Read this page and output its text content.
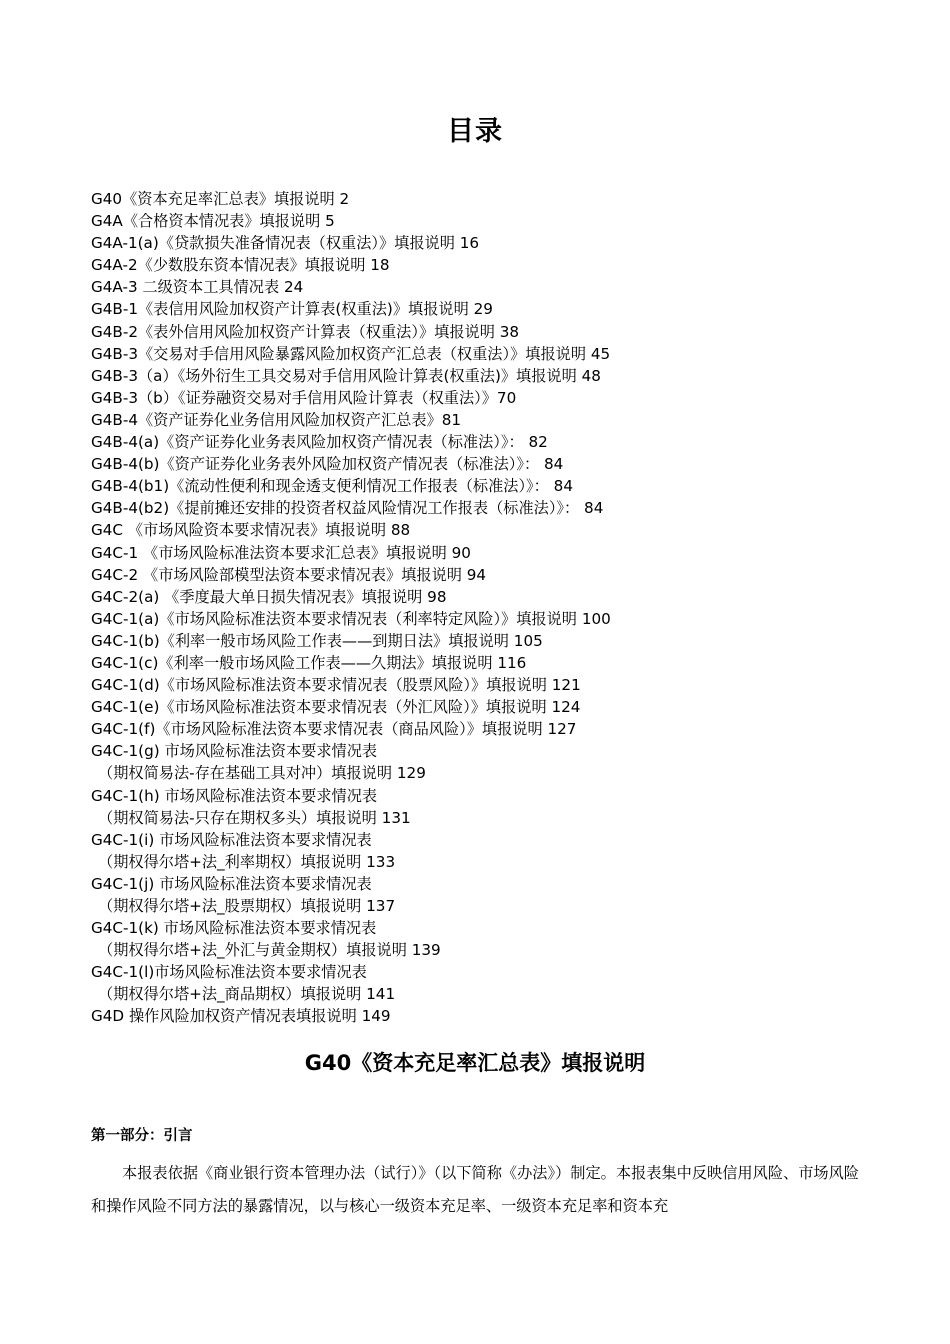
目录
G40《资本充足率汇总表》填报说明 2
G4A《合格资本情况表》填报说明 5
G4A-1(a)《贷款损失准备情况表（权重法）》填报说明 16
G4A-2《少数股东资本情况表》填报说明 18
G4A-3 二级资本工具情况表 24
G4B-1《表信用风险加权资产计算表(权重法)》填报说明 29
G4B-2《表外信用风险加权资产计算表（权重法）》填报说明 38
G4B-3《交易对手信用风险暴露风险加权资产汇总表（权重法）》填报说明 45
G4B-3（a）《场外衍生工具交易对手信用风险计算表(权重法)》填报说明 48
G4B-3（b）《证券融资交易对手信用风险计算表（权重法）》70
G4B-4《资产证券化业务信用风险加权资产汇总表》81
G4B-4(a)《资产证券化业务表风险加权资产情况表（标准法）》： 82
G4B-4(b)《资产证券化业务表外风险加权资产情况表（标准法）》： 84
G4B-4(b1)《流动性便利和现金透支便利情况工作报表（标准法）》： 84
G4B-4(b2)《提前摊还安排的投资者权益风险情况工作报表（标准法）》： 84
G4C 《市场风险资本要求情况表》填报说明 88
G4C-1 《市场风险标准法资本要求汇总表》填报说明 90
G4C-2 《市场风险部模型法资本要求情况表》填报说明 94
G4C-2(a) 《季度最大单日损失情况表》填报说明 98
G4C-1(a)《市场风险标准法资本要求情况表（利率特定风险）》填报说明 100
G4C-1(b)《利率一般市场风险工作表——到期日法》填报说明 105
G4C-1(c)《利率一般市场风险工作表——久期法》填报说明 116
G4C-1(d)《市场风险标准法资本要求情况表（股票风险）》填报说明 121
G4C-1(e)《市场风险标准法资本要求情况表（外汇风险）》填报说明 124
G4C-1(f)《市场风险标准法资本要求情况表（商品风险）》填报说明 127
G4C-1(g) 市场风险标准法资本要求情况表
（期权简易法-存在基础工具对冲）填报说明 129
G4C-1(h) 市场风险标准法资本要求情况表
（期权简易法-只存在期权多头）填报说明 131
G4C-1(i) 市场风险标准法资本要求情况表
（期权得尔塔+法_利率期权）填报说明 133
G4C-1(j) 市场风险标准法资本要求情况表
（期权得尔塔+法_股票期权）填报说明 137
G4C-1(k) 市场风险标准法资本要求情况表
（期权得尔塔+法_外汇与黄金期权）填报说明 139
G4C-1(l)市场风险标准法资本要求情况表
（期权得尔塔+法_商品期权）填报说明 141
G4D 操作风险加权资产情况表填报说明 149
G40《资本充足率汇总表》填报说明
第一部分：引言

本报表依据《商业银行资本管理办法（试行）》（以下简称《办法》）制定。本报表集中反映信用风险、市场风险和操作风险不同方法的暴露情况，以与核心一级资本充足率、一级资本充足率和资本充
